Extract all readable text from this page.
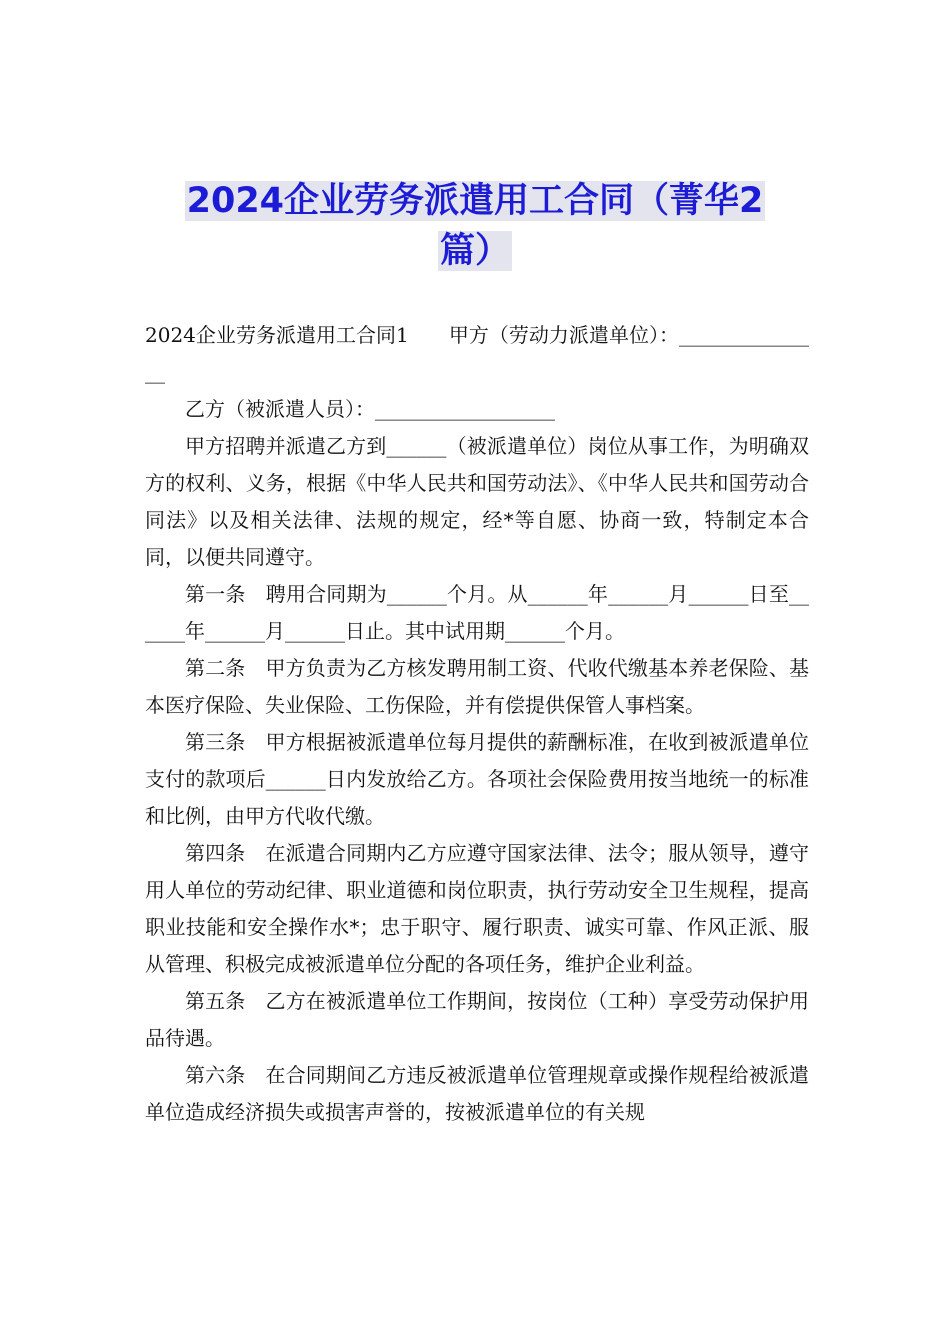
2024企业劳务派遣用工合同（菁华2篇）

2024企业劳务派遣用工合同1　　甲方（劳动力派遣单位）：_______________

乙方（被派遣人员）：__________________

甲方招聘并派遣乙方到______（被派遣单位）岗位从事工作，为明确双方的权利、义务，根据《中华人民共和国劳动法》、《中华人民共和国劳动合同法》以及相关法律、法规的规定，经*等自愿、协商一致，特制定本合同，以便共同遵守。

第一条　聘用合同期为______个月。从______年______月______日至______年______月______日止。其中试用期______个月。

第二条　甲方负责为乙方核发聘用制工资、代收代缴基本养老保险、基本医疗保险、失业保险、工伤保险，并有偿提供保管人事档案。

第三条　甲方根据被派遣单位每月提供的薪酬标准，在收到被派遣单位支付的款项后______日内发放给乙方。各项社会保险费用按当地统一的标准和比例，由甲方代收代缴。

第四条　在派遣合同期内乙方应遵守国家法律、法令；服从领导，遵守用人单位的劳动纪律、职业道德和岗位职责，执行劳动安全卫生规程，提高职业技能和安全操作水*；忠于职守、履行职责、诚实可靠、作风正派、服从管理、积极完成被派遣单位分配的各项任务，维护企业利益。

第五条　乙方在被派遣单位工作期间，按岗位（工种）享受劳动保护用品待遇。

第六条　在合同期间乙方违反被派遣单位管理规章或操作规程给被派遣单位造成经济损失或损害声誉的，按被派遣单位的有关规
